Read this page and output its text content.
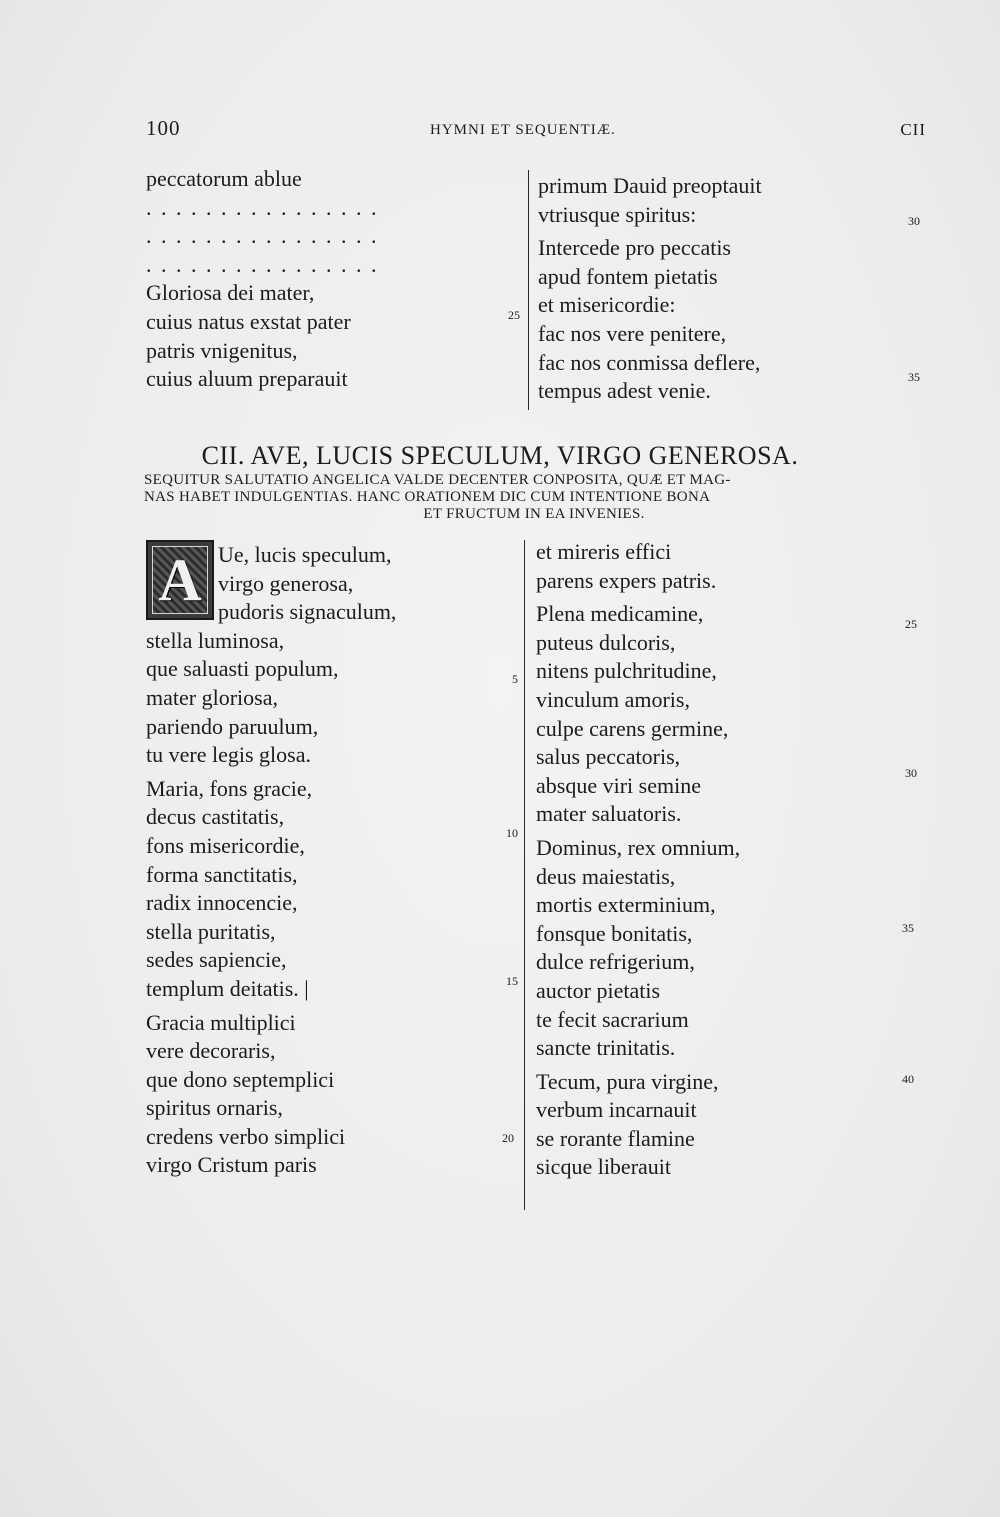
100	HYMNI ET SEQUENTIÆ.	CII
peccatorum ablue
. . . . . . . . . . . . . . . .
. . . . . . . . . . . . . . . .
. . . . . . . . . . . . . . . .
Gloriosa dei mater,
cuius natus exstat pater
patris vnigenitus,
cuius aluum preparauit
25
primum Dauid preoptauit
vtriusque spiritus:
Intercede pro peccatis
apud fontem pietatis
et misericordie:
fac nos vere penitere,
fac nos conmissa deflere,
tempus adest venie.
30
35
CII. AVE, LUCIS SPECULUM, VIRGO GENEROSA.
SEQUITUR SALUTATIO ANGELICA VALDE DECENTER CONPOSITA, QUÆ ET MAG-
NAS HABET INDULGENTIAS. HANC ORATIONEM DIC CUM INTENTIONE BONA
ET FRUCTUM IN EA INVENIES.
A Ue, lucis speculum,
virgo generosa,
pudoris signaculum,
stella luminosa,
que saluasti populum,
mater gloriosa,
pariendo paruulum,
tu vere legis glosa.
Maria, fons gracie,
decus castitatis,
fons misericordie,
forma sanctitatis,
radix innocencie,
stella puritatis,
sedes sapiencie,
templum deitatis. |
Gracia multiplici
vere decoraris,
que dono septemplici
spiritus ornaris,
credens verbo simplici
virgo Cristum paris
5
10
15
20
et mireris effici
parens expers patris.
Plena medicamine,
puteus dulcoris,
nitens pulchritudine,
vinculum amoris,
culpe carens germine,
salus peccatoris,
absque viri semine
mater saluatoris.
Dominus, rex omnium,
deus maiestatis,
mortis exterminium,
fonsque bonitatis,
dulce refrigerium,
auctor pietatis
te fecit sacrarium
sancte trinitatis.
Tecum, pura virgine,
verbum incarnauit
se rorante flamine
sicque liberauit
25
30
35
40
